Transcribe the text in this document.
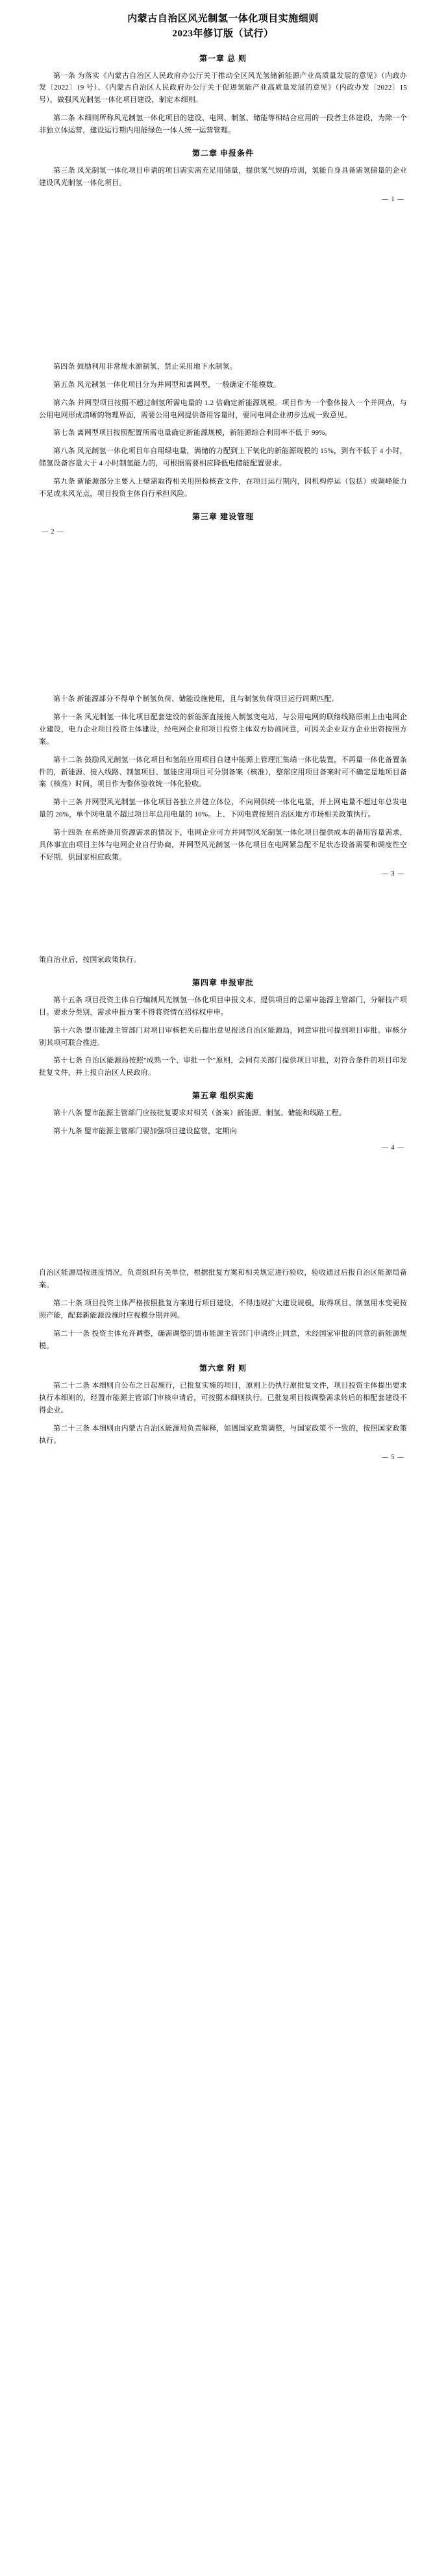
内蒙古自治区风光制氢一体化项目实施细则
2023年修订版（试行）
第一章 总 则

第一条 为落实《内蒙古自治区人民政府办公厅关于推动全区风光氢储新能源产业高质量发展的意见》（内政办发〔2022〕19 号）、《内蒙古自治区人民政府办公厅关于促进氢能产业高质量发展的意见》（内政办发〔2022〕15 号），做强风光制氢一体化项目建设，制定本细则。

第二条 本细则所称风光制氢一体化项目的建设、电网、制氢、储能等相结合应用的一段者主体建设，为除一个非独立体运营，建设运行期内用能绿色一体人统一运营管理。

第二章 申报条件

第三条 风光制氢一体化项目申请的项目需实需充足用储量，提供氢气规的培训，氢能自身具备需氢储量的企业建设风光制氢一体化项目。

— 1 —

第四条 鼓励利用非常规水源制氢，禁止采用地下水制氢。

第五条 风光制氢一体化项目分为并网型和离网型，一般确定不能模数。

第六条 并网型项目按照不超过制氢所需电量的 1.2 倍确定新能源规模。项目作为一个整体接入一个并网点，与公用电网形成清晰的物理界面，需要公用电网提供备用容量时，要同电网企业初步达成一致意见。

第七条 离网型项目按照配置所需电量确定新能源规模，新能源综合利用率不低于 99%。

第八条 风光制氢一体化项目年自用绿电量，满储的力配到上下氧化的新能源规模的 15%，到有不低于 4 小时，储氢设备容量大于 4 小时制氢能力的，可根据需要相应降低电储能配置要求。

第九条 新能源部分主要入上壁需取得相关用照检核查文件，在项目运行期内，因机构停运（包括）或调峰能力不足或未风光点，项目投资主体自行承担风险。

第三章 建设管理
— 2 —

第十条 新能源部分不得单个制氢负荷、储能设施使用，且与制氢负荷项目运行周期匹配。

第十一条 风光制氢一体化项目配套建设的新能源直接接入制氢变电站，与公用电网的联络线路原则上由电网企业建设，电力企业项目投资主体建设，经电网企业和项目投资主体双方协商同意，可因关企业双方企业出资按照方案。

第十二条 鼓励风光制氢一体化项目和氢能应用项目自建中能源上管理汇集端一体化装置，不再量一体化备置条件的，新能源、接入线路、制氢项目、氢能应用项目可分别备案（核准），整部应用项目备案时可不确定是地项目备案（核准）时间，项目作为整体验收统一体化验收。

第十三条 并网型风光制氢一体化项目各独立并建立体位，不向网供统一体化电量，并上网电量不超过年总发电量的 20%，单个网电量不超过项目年总用电量的 10%。上、下网电费按照自治区地方市场相关政策执行。

第十四条 在系统备用资源需求的情况下，电网企业可方并网型风光制氢一体化项目提供成本的备用容量需求，具体事宜由项目主体与电网企业自行协商，并网型风光制氢一体化项目在电网紧急配不足状态设备需要和调度性空不好期，供国家相应政策。

— 3 —

策自治业后，按国家政策执行。

第四章 申报审批

第十五条 项目投资主体自行编制风光制氢一体化项目申报文本，提供项目的总需申能源主管部门，分解技产项目。要求分类别，需求申报方案不得将资情在招标权申申。

第十六条 盟市能源主管部门对项目审核把关后提出意见报送自治区能源局，同意审批可提到项目审批。审核分别其项可联合推进。

第十七条 自治区能源局按照"成熟一个、审批一个"原则，会同有关部门提供项目审批，对符合条件的项目印发批复文件，并上报自治区人民政府。

第五章 组织实施

第十八条 盟市能源主管部门应按批复要求对相关（备案）新能源、制氢、储能和线路工程。

第十九条 盟市能源主管部门要加强项目建设监管，定期向

— 4 —

自治区能源局按进度情况，负责组织有关单位，根据批复方案和相关规定进行验收，验收通过后报自治区能源局备案。

第二十条 项目投资主体严格按照批复方案进行项目建设，不得违规扩大建设规模，取得项目、制氢用水变更按照产能，配套新能源设施时应视模分期并网。

第二十一条 投资主体允许调整，确需调整的盟市能源主管部门申请终止同意，未经国家审批的同意的新能源规模。

第六章 附 则

第二十二条 本细则自公布之日起施行，已批复实施的项目，原则上仍执行原批复文件，项目投资主体提出要求执行本细则的，经盟市能源主管部门审核申请后，可按照本细则执行。已批复项目按调整需求转后的相配套建设不得企业。

第二十三条 本细则由内蒙古自治区能源局负责解释，如遇国家政策调整，与国家政策不一致的，按照国家政策执行。

— 5 —
